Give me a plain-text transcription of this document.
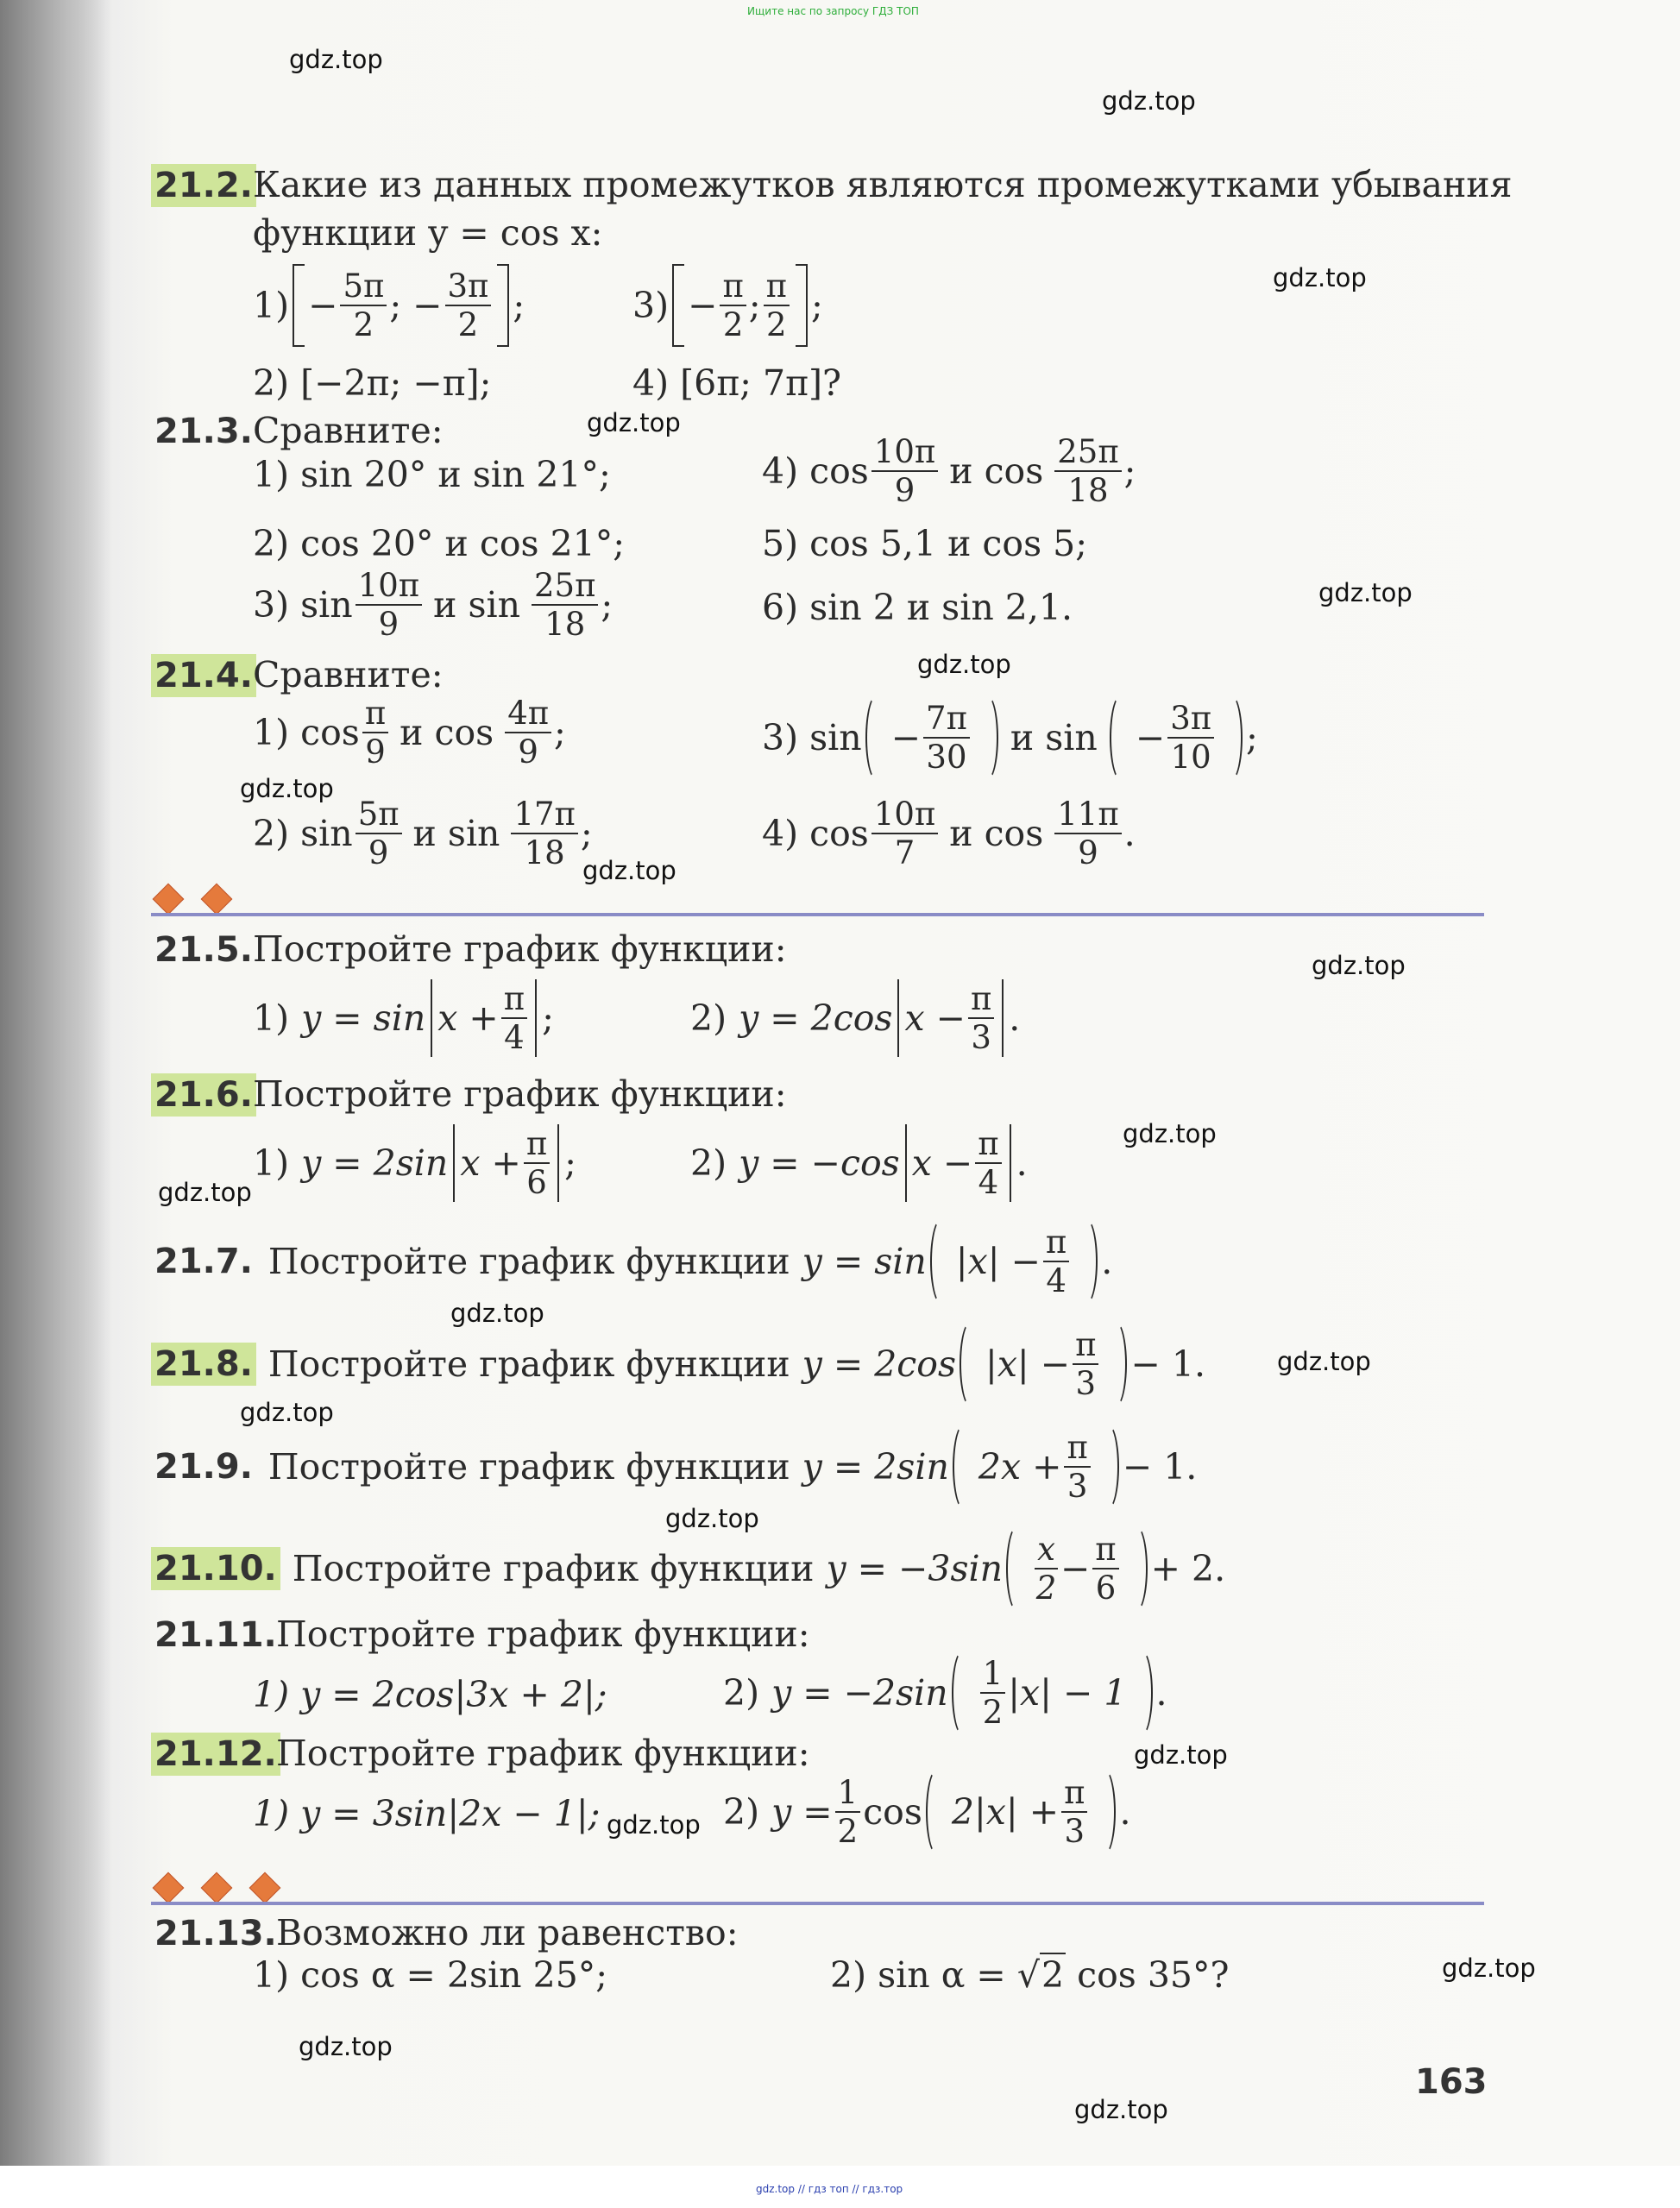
Ищите нас по запросу ГДЗ ТОП
gdz.top
gdz.top
gdz.top
gdz.top
gdz.top
gdz.top
gdz.top
gdz.top
gdz.top
gdz.top
gdz.top
gdz.top
gdz.top
gdz.top
gdz.top
gdz.top
gdz.top
gdz.top
gdz.top
gdz.top
21.2. Какие из данных промежутков являются промежутками убывания
функции y = cos x:
$1) - \frac{5\pi}{2}$ ; − $\frac{3\pi}{2}$ ;	$3) - \frac{\pi}{2}$ ; $\frac{\pi}{2}$ ;
2) [−2π; −π];	4) [6π; 7π]?
21.3. Сравните:
1) sin 20° и sin 21°;	4) $\cos \frac{10\pi}{9}$ и $\cos \frac{25\pi}{18}$ ;
2) cos 20° и cos 21°;	5) cos 5,1 и cos 5;
3) $\sin \frac{10\pi}{9}$ и $\sin \frac{25\pi}{18}$ ;	6) sin 2 и sin 2,1.
21.4. Сравните:
1) $\cos \frac{\pi}{9}$ и $\cos \frac{4\pi}{9}$ ;	3) $\sin - \frac{7\pi}{30}$ и $\sin - \frac{3\pi}{10}$ ;
2) $\sin \frac{5\pi}{9}$ и $\sin \frac{17\pi}{18}$ ;	4) $\cos \frac{10\pi}{7}$ и $\cos \frac{11\pi}{9}$ .
21.5. Постройте график функции:
1) $y = \sin x + \frac{\pi}{4}$ ;	2) y = 2cos $x - \frac{\pi}{3}$ .
21.6. Постройте график функции:
1) y = 2sin $x + \frac{\pi}{6}$ ;	2) y = −cos $x - \frac{\pi}{4}$ .
21.7. Постройте график функции $y = \sin |x| - \frac{\pi}{4}$ .
21.8. Постройте график функции y = 2cos $|x| - \frac{\pi}{3} - 1$.
21.9. Постройте график функции y = 2sin $2x + \frac{\pi}{3} - 1$.
21.10. Постройте график функции $y = -3\sin \frac{x}{2} - \frac{\pi}{6} + 2$.
21.11. Постройте график функции:
1) y = 2cos|3x + 2|;	2) $y = -2\sin \frac{1}{2} |x| - 1$ .
21.12. Постройте график функции:
1) y = 3sin|2x − 1|;	2) $y = \frac{1}{2}$ $\cos 2|x| + \frac{\pi}{3}$ .
21.13. Возможно ли равенство:
1) cos α = 2sin 25°;	2) sin α = √2 cos 35°?
163
gdz.top // гдз топ // гдз.тор
